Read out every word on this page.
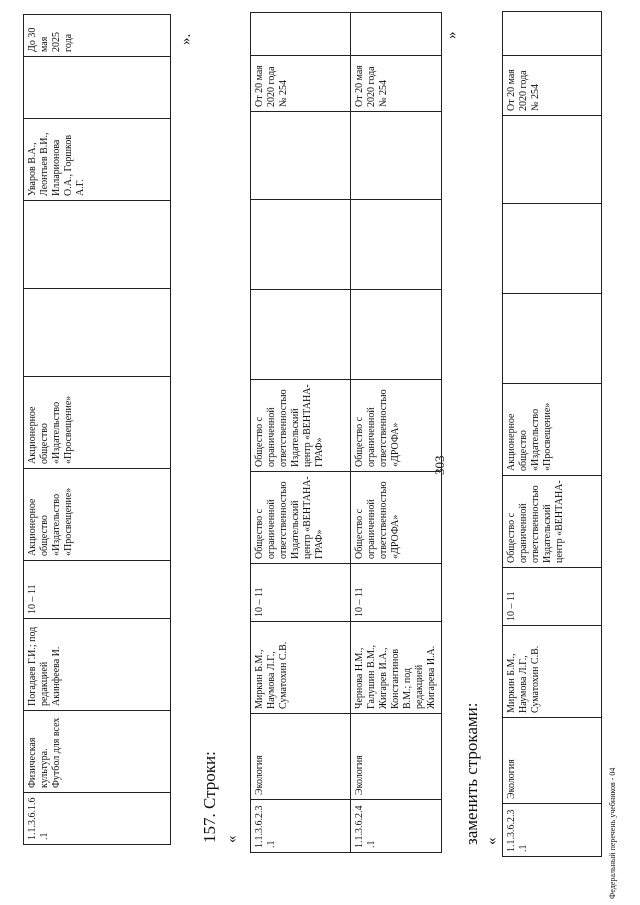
303
1.1.3.6.1.6.1	Физическая культура. Футбол для всех	Погадаев Г.И.; под редакцией Акинфеева И.	10 – 11	Акционерное общество «Издательство «Просвещение»	Акционерное общество «Издательство «Просвещение»			Уваров В.А., Леонтьев В.И., Илларионова О.А., Горшков А.Г.		До 30 мая 2025 года	».
157. Строки: « 1.1.3.6.2.3.1	Экология	Миркин Б.М., Наумова Л.Г., Суматохин С.В.	10 – 11	Общество с ограниченной ответственностью Издательский центр «ВЕНТАНА-ГРАФ»	Общество с ограниченной ответственностью Издательский центр «ВЕНТАНА-ГРАФ»				От 20 мая 2020 года № 254	
1.1.3.6.2.4.1	Экология	Чернова Н.М., Галушин В.М., Жигарев И.А., Константинов В.М.; под редакцией Жигарева И.А.	10 – 11	Общество с ограниченной ответственностью «ДРОФА»	Общество с ограниченной ответственностью «ДРОФА»				От 20 мая 2020 года № 254	
»
заменить строками: « 1.1.3.6.2.3.1	Экология	Миркин Б.М., Наумова Л.Г., Суматохин С.В.	10 – 11	Общество с ограниченной ответственностью Издательский центр «ВЕНТАНА-	Акционерное общество «Издательство «Просвещение»				От 20 мая 2020 года № 254	
Федеральный перечень учебников - 04
